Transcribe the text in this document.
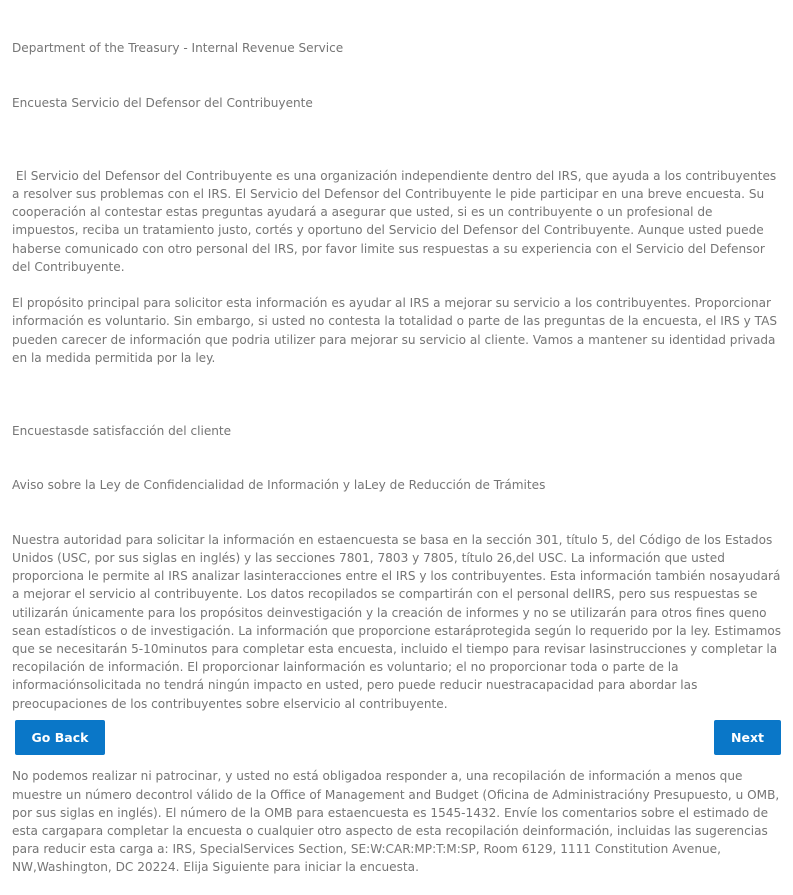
Department of the Treasury - Internal Revenue Service

Encuesta Servicio del Defensor del Contribuyente

El Servicio del Defensor del Contribuyente es una organización independiente dentro del IRS, que ayuda a los contribuyentes a resolver sus problemas con el IRS. El Servicio del Defensor del Contribuyente le pide participar en una breve encuesta. Su cooperación al contestar estas preguntas ayudará a asegurar que usted, si es un contribuyente o un profesional de impuestos, reciba un tratamiento justo, cortés y oportuno del Servicio del Defensor del Contribuyente. Aunque usted puede haberse comunicado con otro personal del IRS, por favor limite sus respuestas a su experiencia con el Servicio del Defensor del Contribuyente.

El propósito principal para solicitor esta información es ayudar al IRS a mejorar su servicio a los contribuyentes. Proporcionar información es voluntario. Sin embargo, si usted no contesta la totalidad o parte de las preguntas de la encuesta, el IRS y TAS pueden carecer de información que podria utilizer para mejorar su servicio al cliente. Vamos a mantener su identidad privada en la medida permitida por la ley.

Encuestasde satisfacción del cliente

Aviso sobre la Ley de Confidencialidad de Información y laLey de Reducción de Trámites

Nuestra autoridad para solicitar la información en estaencuesta se basa en la sección 301, título 5, del Código de los Estados Unidos (USC, por sus siglas en inglés) y las secciones 7801, 7803 y 7805, título 26,del USC. La información que usted proporciona le permite al IRS analizar lasinteracciones entre el IRS y los contribuyentes. Esta información también nosayudará a mejorar el servicio al contribuyente. Los datos recopilados se compartirán con el personal delIRS, pero sus respuestas se utilizarán únicamente para los propósitos deinvestigación y la creación de informes y no se utilizarán para otros fines queno sean estadísticos o de investigación. La información que proporcione estaráprotegida según lo requerido por la ley. Estimamos que se necesitarán 5-10minutos para completar esta encuesta, incluido el tiempo para revisar lasinstrucciones y completar la recopilación de información. El proporcionar lainformación es voluntario; el no proporcionar toda o parte de la informaciónsolicitada no tendrá ningún impacto en usted, pero puede reducir nuestracapacidad para abordar las preocupaciones de los contribuyentes sobre elservicio al contribuyente.

No podemos realizar ni patrocinar, y usted no está obligadoa responder a, una recopilación de información a menos que muestre un número decontrol válido de la Office of Management and Budget (Oficina de Administracióny Presupuesto, u OMB, por sus siglas en inglés). El número de la OMB para estaencuesta es 1545-1432. Envíe los comentarios sobre el estimado de esta cargapara completar la encuesta o cualquier otro aspecto de esta recopilación deinformación, incluidas las sugerencias para reducir esta carga a: IRS, SpecialServices Section, SE:W:CAR:MP:T:M:SP, Room 6129, 1111 Constitution Avenue, NW,Washington, DC 20224. Elija Siguiente para iniciar la encuesta.

Go Back	Next
